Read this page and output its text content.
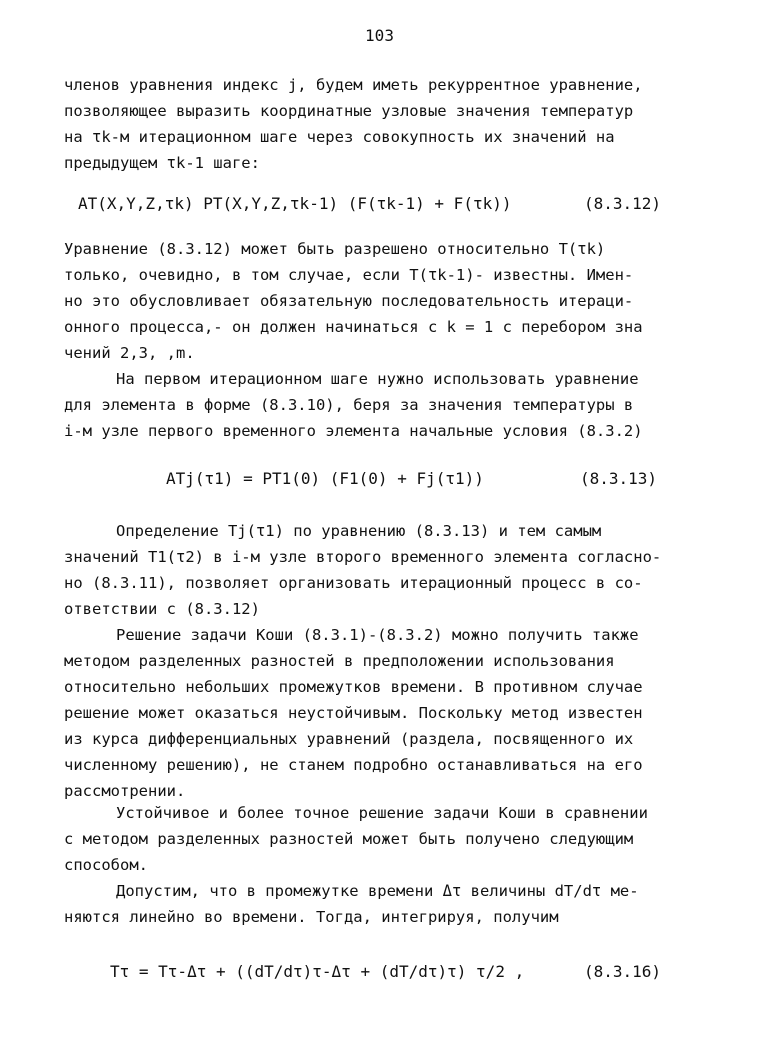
103
членов уравнения индекс j, будем иметь рекуррентное уравнение,
позволяющее выразить координатные узловые значения температур
на τk-м итерационном шаге через совокупность их значений на
предыдущем τk-1 шаге:
AT(X,Y,Z,τk) PT(X,Y,Z,τk-1) (F(τk-1) + F(τk))	(8.3.12)
Уравнение (8.3.12) может быть разрешено относительно T(τk)
только, очевидно, в том случае, если T(τk-1)- известны. Имен-
но это обусловливает обязательную последовательность итераци-
онного процесса,- он должен начинаться с k = 1 с перебором зна
чений 2,3, ,m.
На первом итерационном шаге нужно использовать уравнение
для элемента в форме (8.3.10), беря за значения температуры в
i-м узле первого временного элемента начальные условия (8.3.2)
ATj(τ1) = PT1(0) (F1(0) + Fj(τ1))	(8.3.13)
Определение Tj(τ1) по уравнению (8.3.13) и тем самым
значений T1(τ2) в i-м узле второго временного элемента согласно-
но (8.3.11), позволяет организовать итерационный процесс в со-
ответствии с (8.3.12)
Решение задачи Коши (8.3.1)-(8.3.2) можно получить также
методом разделенных разностей в предположении использования
относительно небольших промежутков времени. В противном случае
решение может оказаться неустойчивым. Поскольку метод известен
из курса дифференциальных уравнений (раздела, посвященного их
численному решению), не станем подробно останавливаться на его
рассмотрении.
Устойчивое и более точное решение задачи Коши в сравнении
с методом разделенных разностей может быть получено следующим
способом.
Допустим, что в промежутке времени Δτ величины dT/dτ ме-
няются линейно во времени. Тогда, интегрируя, получим
Tτ = Tτ-Δτ + ((dT/dτ)τ-Δτ + (dT/dτ)τ) τ/2 ,	(8.3.16)
